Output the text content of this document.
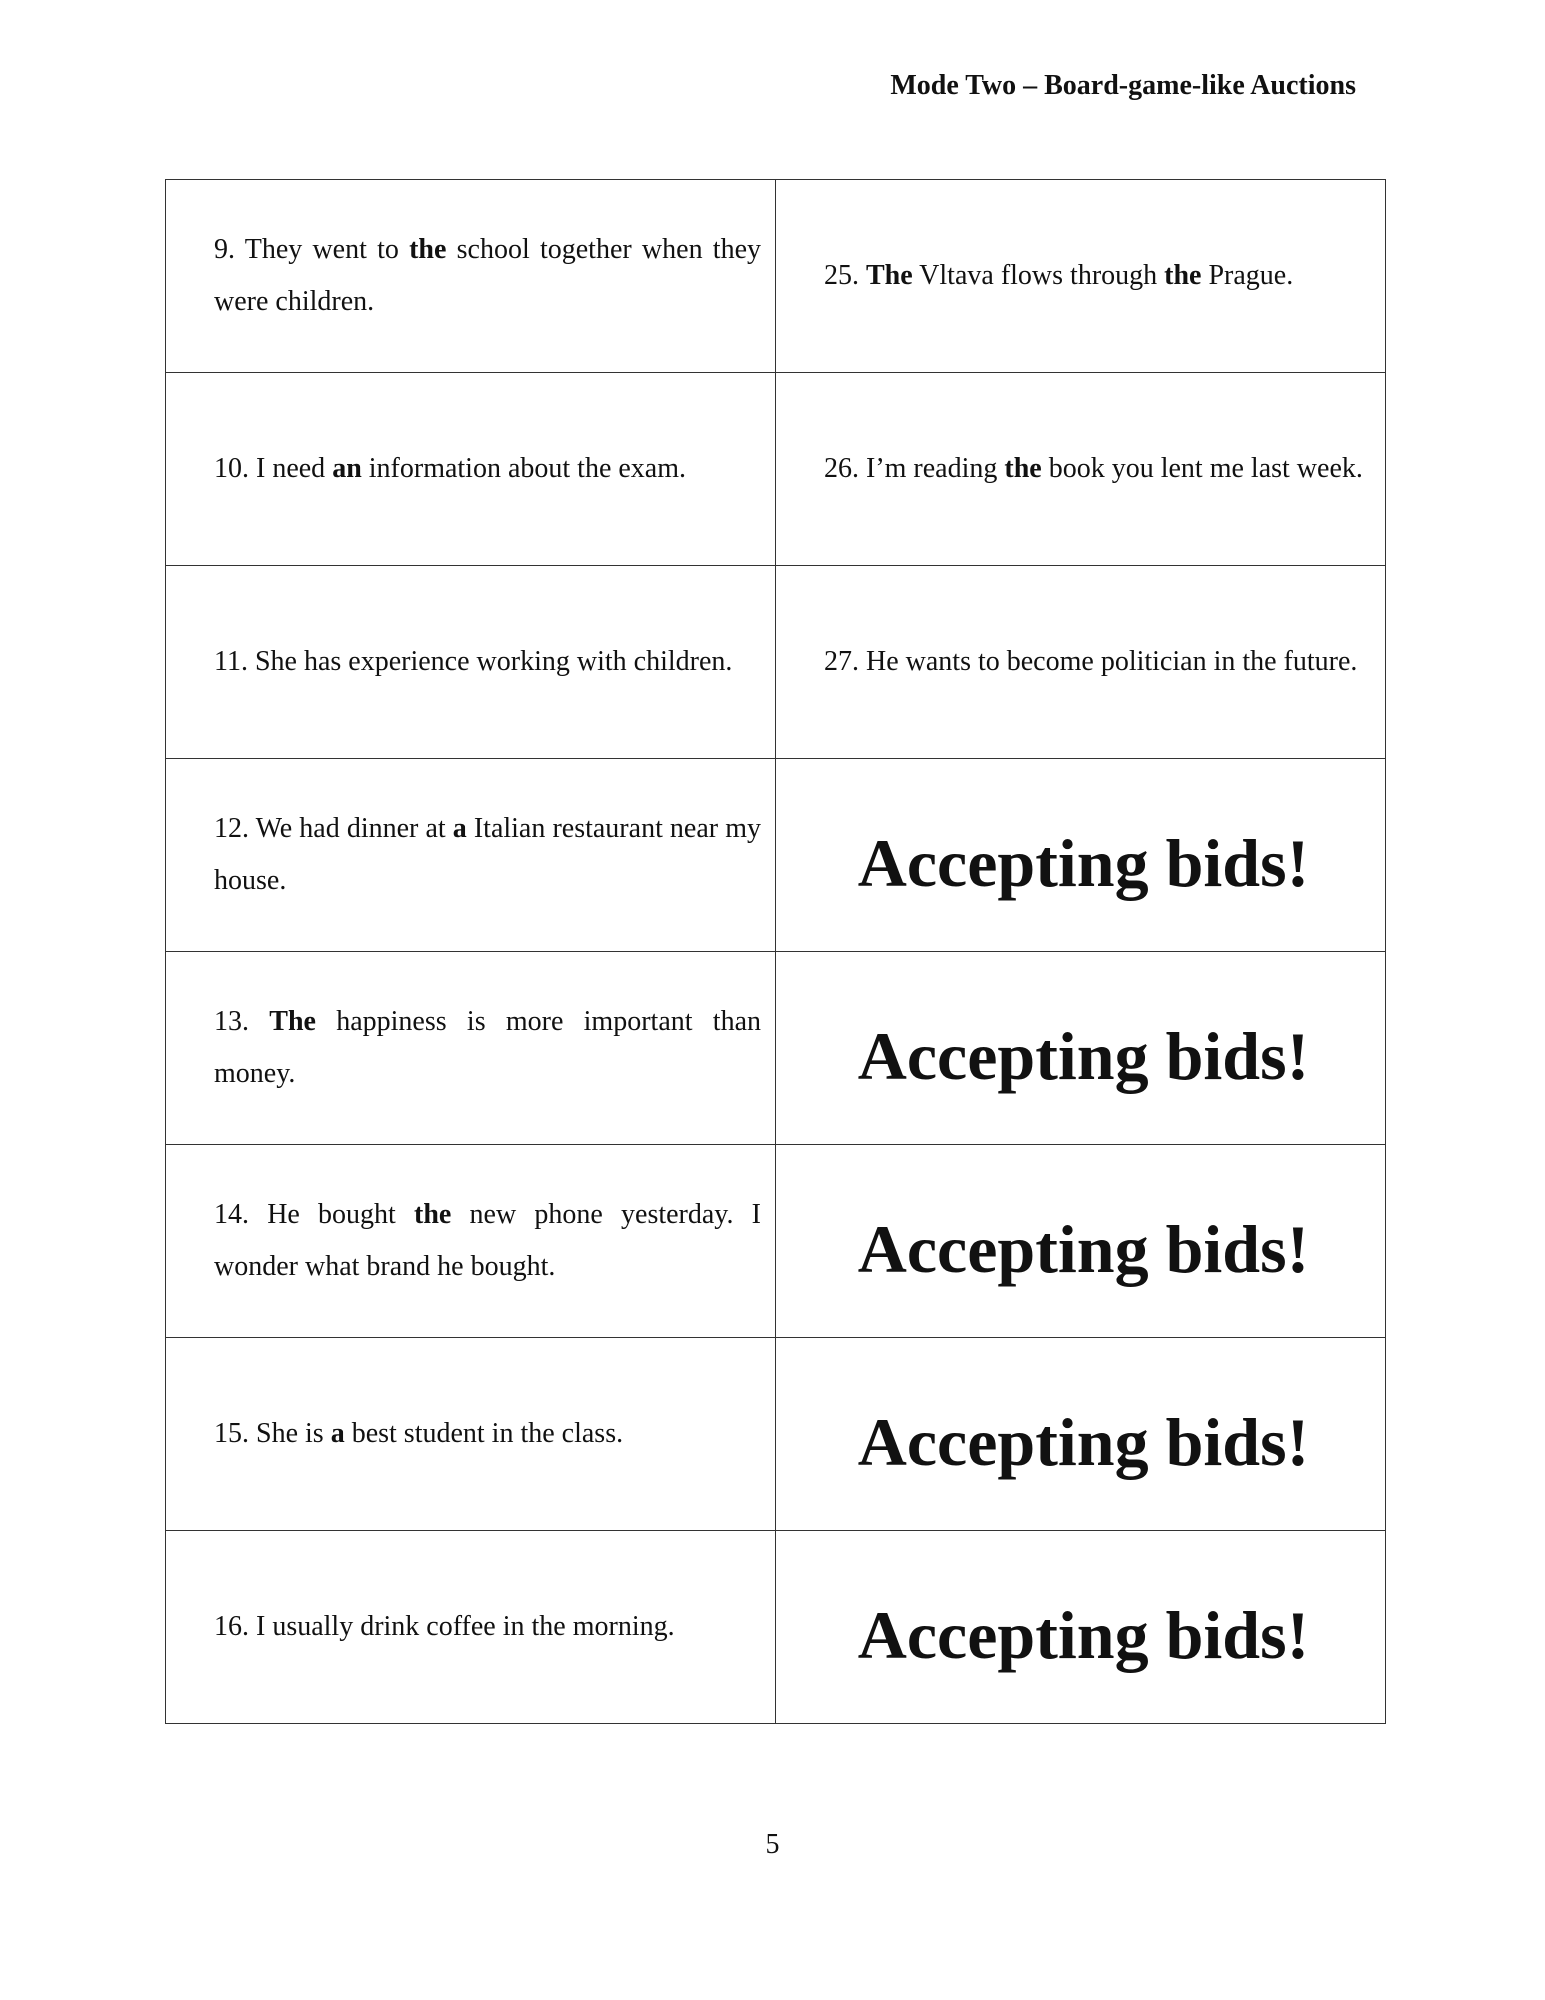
Mode Two – Board-game-like Auctions

9. They went to the school together when they were children.	25. The Vltava flows through the Prague.

10. I need an information about the exam.	26. I’m reading the book you lent me last week.

11. She has experience working with children.	27. He wants to become politician in the future.

12. We had dinner at a Italian restaurant near my house.	Accepting bids!

13. The happiness is more important than money.	Accepting bids!

14. He bought the new phone yesterday. I wonder what brand he bought.	Accepting bids!

15. She is a best student in the class.	Accepting bids!

16. I usually drink coffee in the morning.	Accepting bids!
5
